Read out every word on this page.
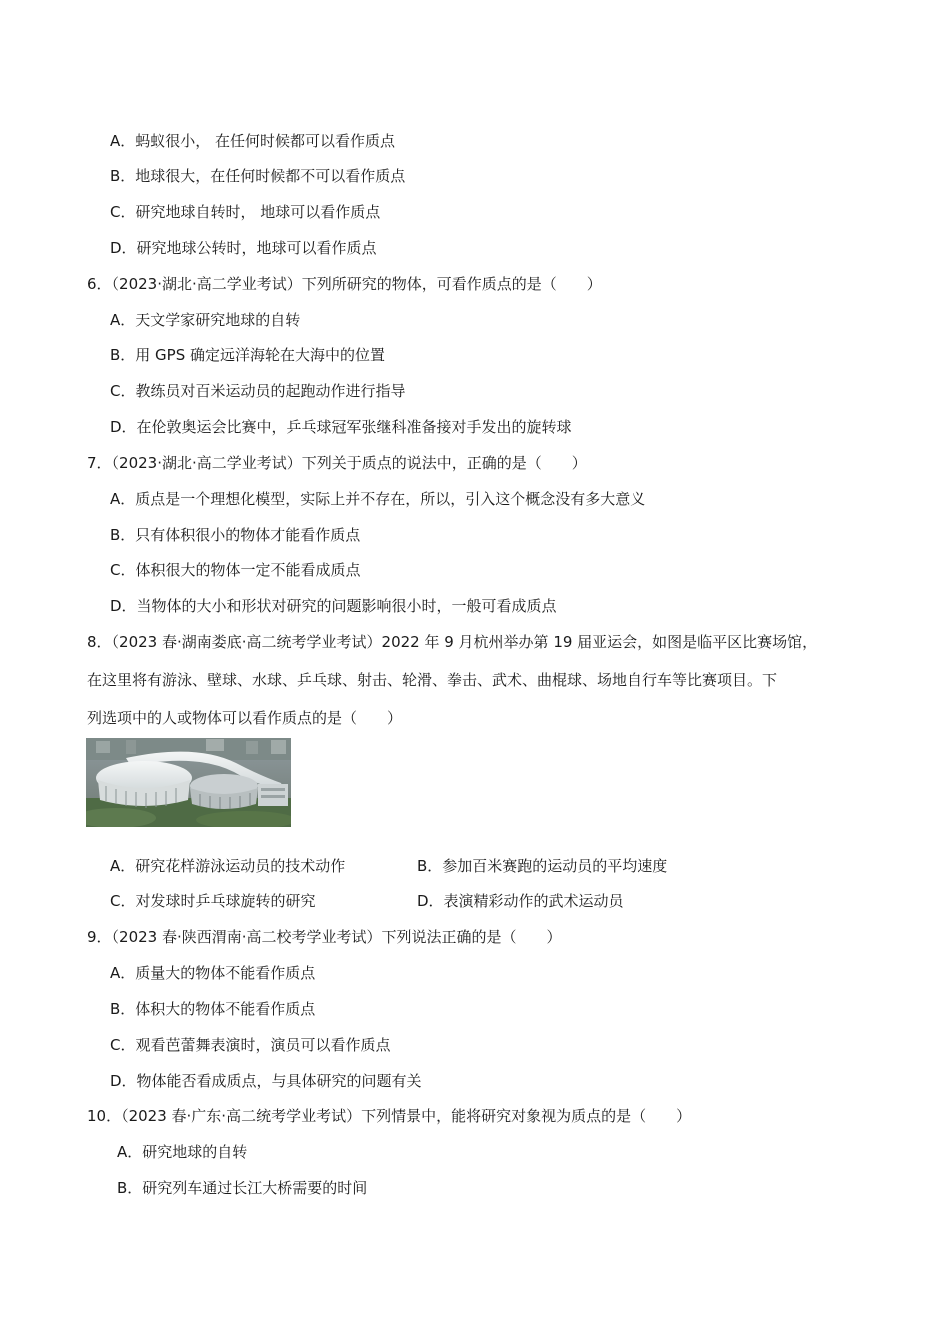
A．蚂蚁很小， 在任何时候都可以看作质点
B．地球很大，在任何时候都不可以看作质点
C．研究地球自转时， 地球可以看作质点
D．研究地球公转时，地球可以看作质点
6．（2023·湖北·高二学业考试）下列所研究的物体，可看作质点的是（　　）
A．天文学家研究地球的自转
B．用 GPS 确定远洋海轮在大海中的位置
C．教练员对百米运动员的起跑动作进行指导
D．在伦敦奥运会比赛中，乒乓球冠军张继科准备接对手发出的旋转球
7．（2023·湖北·高二学业考试）下列关于质点的说法中，正确的是（　　）
A．质点是一个理想化模型，实际上并不存在，所以，引入这个概念没有多大意义
B．只有体积很小的物体才能看作质点
C．体积很大的物体一定不能看成质点
D．当物体的大小和形状对研究的问题影响很小时，一般可看成质点
8．（2023 春·湖南娄底·高二统考学业考试）2022 年 9 月杭州举办第 19 届亚运会，如图是临平区比赛场馆，
在这里将有游泳、壁球、水球、乒乓球、射击、轮滑、拳击、武术、曲棍球、场地自行车等比赛项目。下
列选项中的人或物体可以看作质点的是（　　）
A．研究花样游泳运动员的技术动作	B．参加百米赛跑的运动员的平均速度
C．对发球时乒乓球旋转的研究	D．表演精彩动作的武术运动员
9．（2023 春·陕西渭南·高二校考学业考试）下列说法正确的是（　　）
A．质量大的物体不能看作质点
B．体积大的物体不能看作质点
C．观看芭蕾舞表演时，演员可以看作质点
D．物体能否看成质点，与具体研究的问题有关
10．（2023 春·广东·高二统考学业考试）下列情景中，能将研究对象视为质点的是（　　）
A．研究地球的自转
B．研究列车通过长江大桥需要的时间
